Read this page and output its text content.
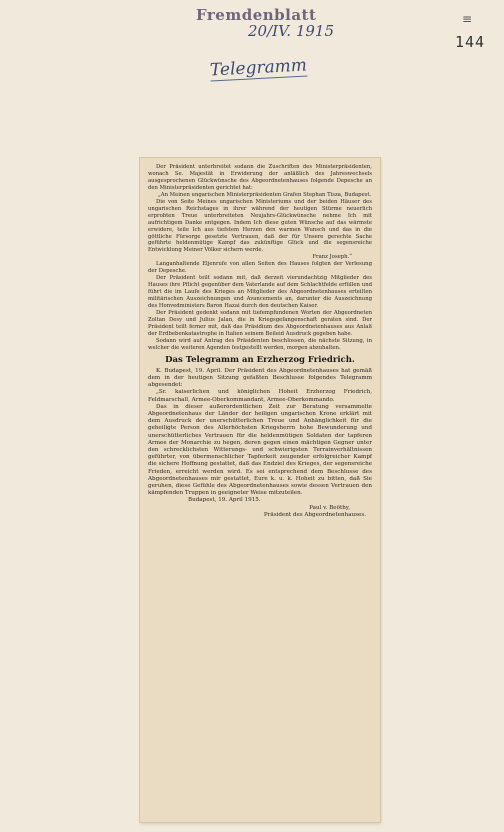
Fremdenblatt
20/IV. 1915
≡
144
Telegramm

Der Präsident unterbreitet sodann die Zuschriften des Ministerpräsidenten, wonach Se. Majestät in Erwiderung der anläßlich des Jahreswechsels ausgesprochenen Glückwünsche des Abgeordnetenhauses folgende Depesche an den Ministerpräsidenten gerichtet hat:

„An Meinen ungarischen Ministerpräsidenten Grafen Stephan Tisza, Budapest.

Die von Seite Meines ungarischen Ministeriums und der beiden Häuser des ungarischen Reichstages in ihrer während der heutigen Stürme neuerlich erprobten Treue unterbreiteten Neujahrs-Glückwünsche nehme Ich mit aufrichtigem Danke entgegen. Indem Ich diese guten Wünsche auf das wärmste erwidere, teile Ich aus tiefstem Herzen den warmen Wunsch und das in die göttliche Fürsorge gesetzte Vertrauen, daß der für Unsere gerechte Sache geführte heldenmütige Kampf das zukünftige Glück und die segensreiche Entwicklung Meiner Völker sichern werde.

Franz Joseph.“

Langanhaltende Eljenrufe von allen Seiten des Hauses folgten der Verlesung der Depesche.

Der Präsident teilt sodann mit, daß derzeit vierundachtzig Mitglieder des Hauses ihre Pflicht gegenüber dem Vaterlande auf dem Schlachtfelde erfüllen und führt die im Laufe des Krieges an Mitglieder des Abgeordnetenhauses erteilten militärischen Auszeichnungen und Avancements an, darunter die Auszeichnung des Honvedministers Baron Hazai durch den deutschen Kaiser.

Der Präsident gedenkt sodann mit tiefempfundenen Worten der Abgeordneten Zoltan Desy und Julius Jalan, die in Kriegsgefangenschaft geraten sind. Der Präsident teilt ferner mit, daß das Präsidium des Abgeordnetenhauses aus Anlaß der Erdbebenkatastrophe in Italien seinem Beileid Ausdruck gegeben habe.

Sodann wird auf Antrag des Präsidenten beschlossen, die nächste Sitzung, in welcher die weiteren Agenden festgestellt werden, morgen abzuhalten.

Das Telegramm an Erzherzog Friedrich.

K. Budapest, 19. April. Der Präsident des Abgeordnetenhauses hat gemäß dem in der heutigen Sitzung gefaßten Beschlusse folgendes Telegramm abgesendet:

„Sr. kaiserlichen und königlichen Hoheit Erzherzog Friedrich, Feldmarschall, Armee-Oberkommandant, Armee-Oberkommando.

Das in dieser außerordentlichen Zeit zur Beratung versammelte Abgeordnetenhaus der Länder der heiligen ungarischen Krone erklärt mit dem Ausdruck der unerschütterlichen Treue und Anhänglichkeit für die geheiligte Person des Allerhöchsten Kriegsherrn hohe Bewunderung und unerschütterliches Vertrauen für die heldenmütigen Soldaten der tapferen Armee der Monarchie zu hegen, deren gegen einen mächtigen Gegner unter den schrecklichsten Witterungs- und schwierigsten Terrainverhältnissen geführter, von übermenschlicher Tapferkeit zeugender erfolgreicher Kampf die sichere Hoffnung gestattet, daß das Endziel des Krieges, der segensreiche Frieden, erreicht werden wird. Es sei entsprechend dem Beschlusse des Abgeordnetenhauses mir gestattet, Eure k. u. k. Hoheit zu bitten, daß Sie geruhen, diese Gefühle des Abgeordnetenhauses sowie dessen Vertrauen den kämpfenden Truppen in geeigneter Weise mitzuteilen.

Budapest, 19. April 1915.

Paul v. Beöthy,

Präsident des Abgeordnetenhauses.
